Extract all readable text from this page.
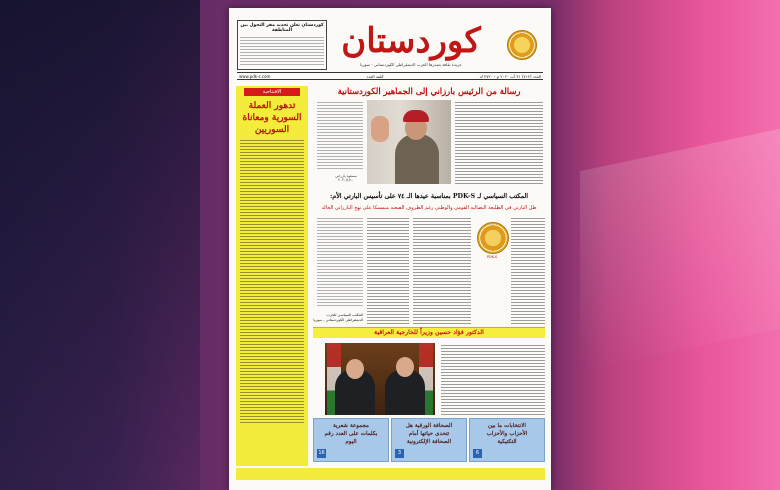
كوردستان تعلن تحديد مقر التجول بين المناطقة	کوردستان
جريدة ثقافة يصدرها الحزب الديمقراطي الكوردستاني - سوريا
www.pdk-s.com	كلمة العدد	العدد (٧١٢) ٣١ آب ٢٠٢٠ م - ٢٧٢٠ ك
الافتتاحية
تدهور العملة السورية ومعاناة السوريين
رسالة من الرئيس بارزاني إلى الجماهير الكوردستانية
مسعود بارزاني ٢٠٢٠/٨/١٠
المكتب السياسي لـ PDK-S بمناسبة عيدها الـ ٧٤ على تأسيس البارتي الأم:
ظل البارتي في الطليعة النضالية القومي والوطني رغم الظروف الصعبة متمسكا على نهج البارزاني الخالد
PDK-S
المكتب السياسي للحزب الديمقراطي الكوردستاني - سوريا
الدكتور فؤاد حسين وزيراً للخارجية العراقية
مجموعة شعرية بكلمات على العدد رقم اليوم
16
الصحافة الورقية هل تتحدى حياتها أمام الصحافة الإلكترونية
3
الانتخابات ما بين الأحزاب والأحزاب التكتيكية
6
